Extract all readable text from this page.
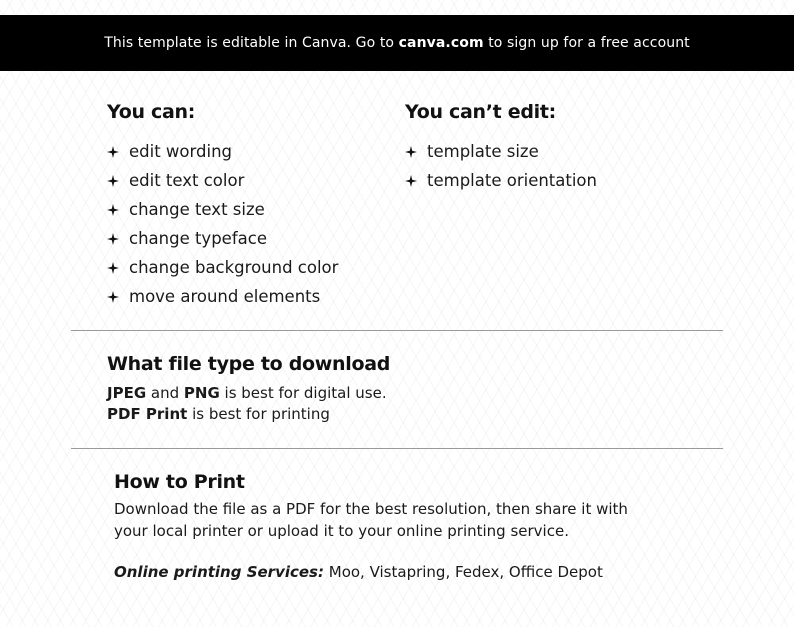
This template is editable in Canva. Go to canva.com to sign up for a free account
You can:
edit wording
edit text color
change text size
change typeface
change background color
move around elements
You can’t edit:
template size
template orientation
What file type to download
JPEG and PNG is best for digital use.
PDF Print is best for printing
How to Print
Download the file as a PDF for the best resolution, then share it with your local printer or upload it to your online printing service.
Online printing Services: Moo, Vistapring, Fedex, Office Depot
